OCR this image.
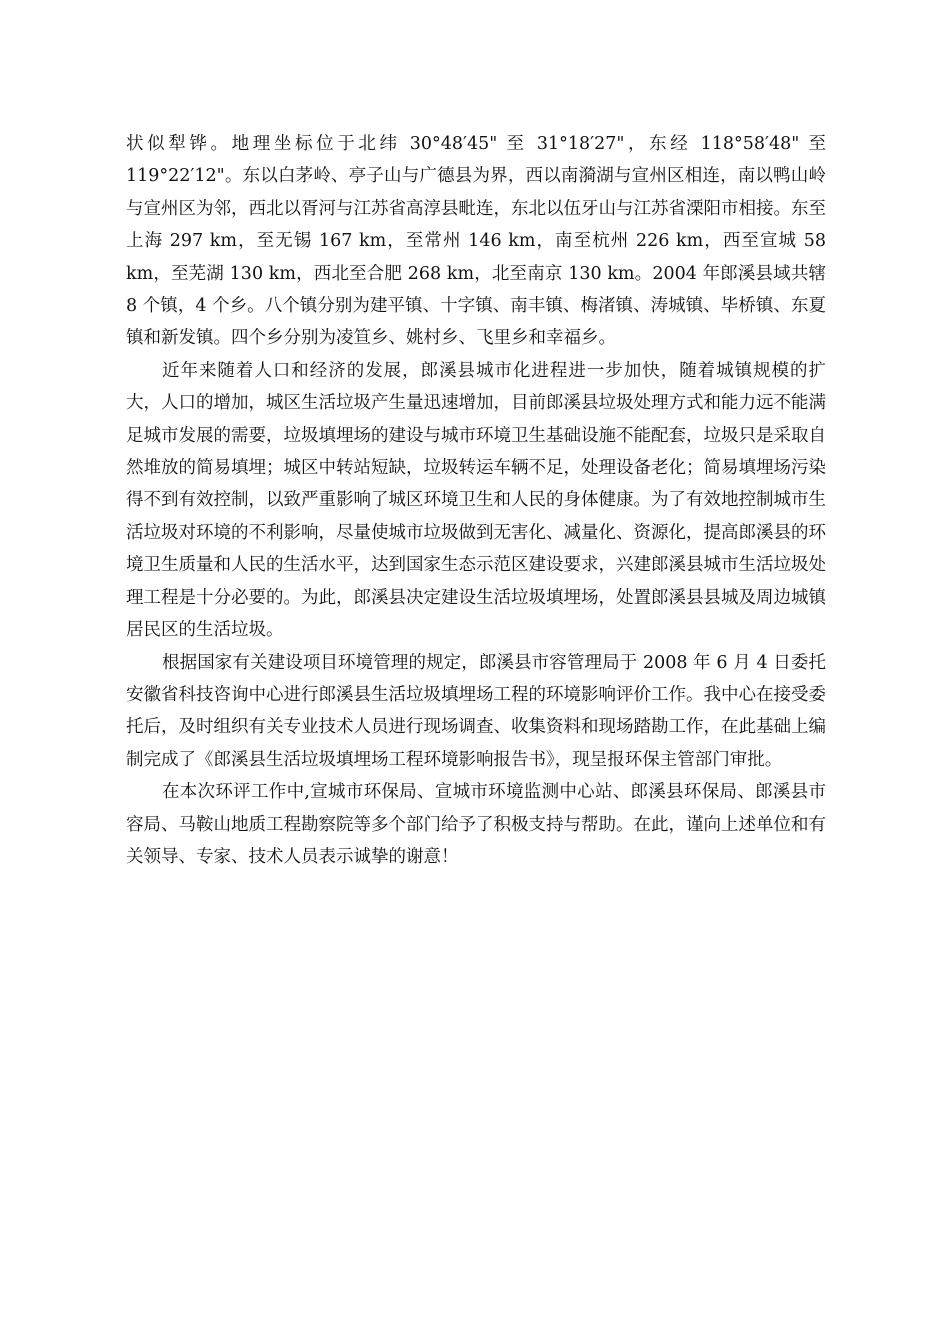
状似犁铧。地理坐标位于北纬 30°48′45" 至 31°18′27"，东经 118°58′48" 至 119°22′12"。东以白茅岭、亭子山与广德县为界，西以南漪湖与宣州区相连，南以鸭山岭与宣州区为邻，西北以胥河与江苏省高淳县毗连，东北以伍牙山与江苏省溧阳市相接。东至上海 297 km，至无锡 167 km，至常州 146 km，南至杭州 226 km，西至宣城 58 km，至芜湖 130 km，西北至合肥 268 km，北至南京 130 km。2004 年郎溪县域共辖 8 个镇，4 个乡。八个镇分别为建平镇、十字镇、南丰镇、梅渚镇、涛城镇、毕桥镇、东夏镇和新发镇。四个乡分别为凌笪乡、姚村乡、飞里乡和幸福乡。

近年来随着人口和经济的发展，郎溪县城市化进程进一步加快，随着城镇规模的扩大，人口的增加，城区生活垃圾产生量迅速增加，目前郎溪县垃圾处理方式和能力远不能满足城市发展的需要，垃圾填埋场的建设与城市环境卫生基础设施不能配套，垃圾只是采取自然堆放的简易填埋；城区中转站短缺，垃圾转运车辆不足，处理设备老化；简易填埋场污染得不到有效控制，以致严重影响了城区环境卫生和人民的身体健康。为了有效地控制城市生活垃圾对环境的不利影响，尽量使城市垃圾做到无害化、减量化、资源化，提高郎溪县的环境卫生质量和人民的生活水平，达到国家生态示范区建设要求，兴建郎溪县城市生活垃圾处理工程是十分必要的。为此，郎溪县决定建设生活垃圾填埋场，处置郎溪县县城及周边城镇居民区的生活垃圾。

根据国家有关建设项目环境管理的规定，郎溪县市容管理局于 2008 年 6 月 4 日委托安徽省科技咨询中心进行郎溪县生活垃圾填埋场工程的环境影响评价工作。我中心在接受委托后，及时组织有关专业技术人员进行现场调查、收集资料和现场踏勘工作，在此基础上编制完成了《郎溪县生活垃圾填埋场工程环境影响报告书》，现呈报环保主管部门审批。

在本次环评工作中,宣城市环保局、宣城市环境监测中心站、郎溪县环保局、郎溪县市容局、马鞍山地质工程勘察院等多个部门给予了积极支持与帮助。在此，谨向上述单位和有关领导、专家、技术人员表示诚挚的谢意！
